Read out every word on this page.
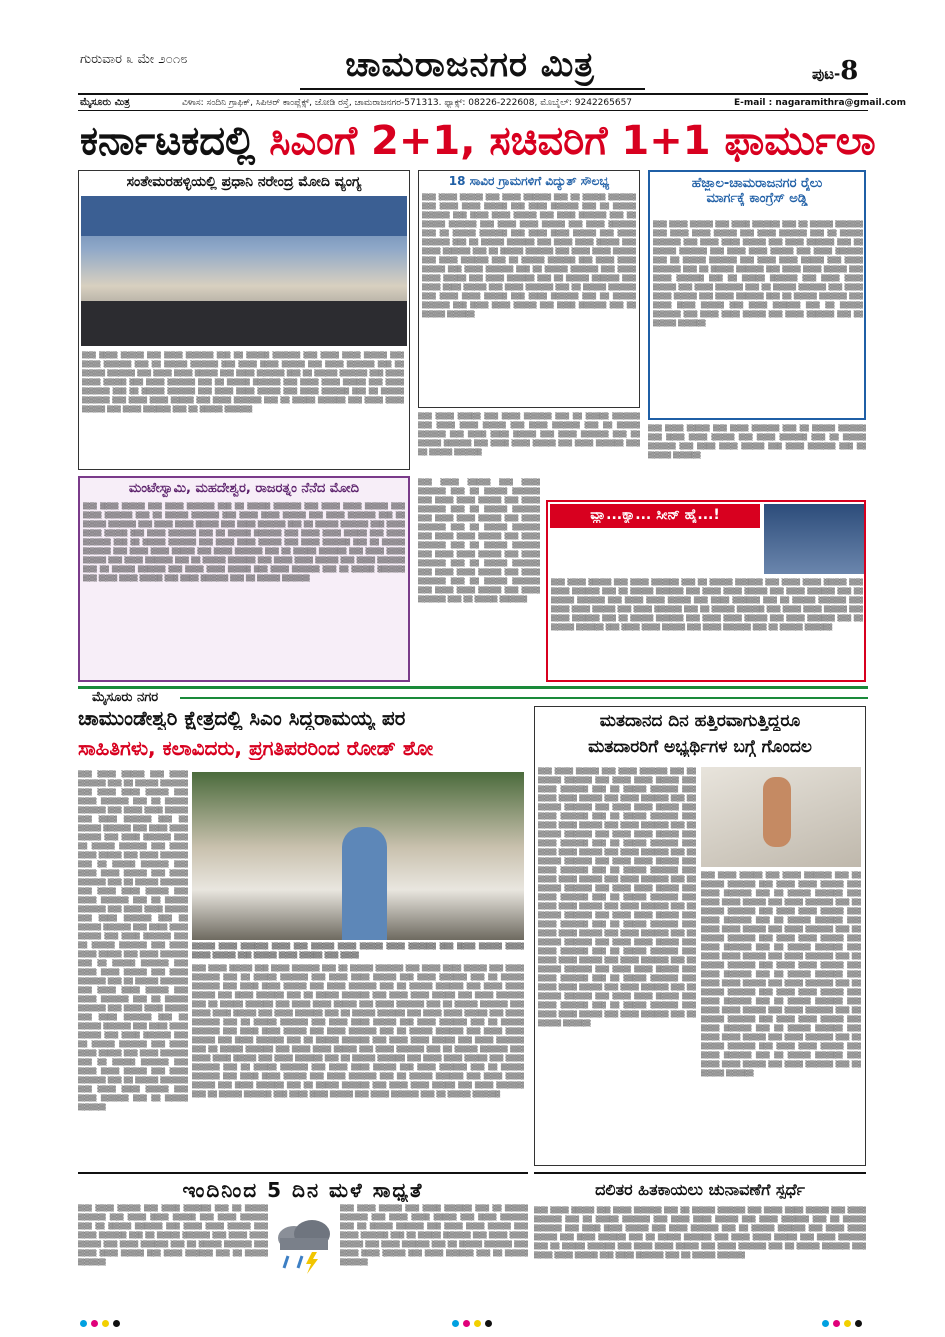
ಗುರುವಾರ ೩ ಮೇ ೨೦೧೮	ಚಾಮರಾಜನಗರ ಮಿತ್ರ	ಪುಟ-8
ಮೈಸೂರು ಮಿತ್ರ	ವಿಳಾಸ: ಸಂದಿನಿ ಗ್ರಾಫಿಕ್, ಸಿಪಿಆರ್ ಕಾಂಪ್ಲೆಕ್ಸ್, ಜೋಡಿ ರಸ್ತೆ, ಚಾಮರಾಜನಗರ-571313. ಫ್ಯಾಕ್ಸ್: 08226-222608, ಮೊಬೈಲ್: 9242265657	E-mail : nagaramithra@gmail.com
ಕರ್ನಾಟಕದಲ್ಲಿ ಸಿಎಂಗೆ 2+1, ಸಚಿವರಿಗೆ 1+1 ಫಾರ್ಮುಲಾ
ಸಂತೇಮರಹಳ್ಳಿಯಲ್ಲಿ ಪ್ರಧಾನಿ ನರೇಂದ್ರ ಮೋದಿ ವ್ಯಂಗ್ಯ
▒▒▒ ▒▒▒▒ ▒▒▒▒▒ ▒▒▒ ▒▒▒▒ ▒▒▒▒▒▒ ▒▒▒ ▒▒ ▒▒▒▒▒ ▒▒▒▒▒▒ ▒▒▒ ▒▒▒▒ ▒▒▒▒ ▒▒▒▒▒ ▒▒▒ ▒▒▒▒ ▒▒▒▒▒▒ ▒▒▒ ▒▒ ▒▒▒▒▒ ▒▒▒▒▒▒ ▒▒▒ ▒▒▒▒ ▒▒▒▒ ▒▒▒▒▒ ▒▒▒ ▒▒▒▒ ▒▒▒▒▒▒ ▒▒▒ ▒▒ ▒▒▒▒▒ ▒▒▒▒▒▒ ▒▒▒ ▒▒▒▒ ▒▒▒▒ ▒▒▒▒▒ ▒▒▒ ▒▒▒▒ ▒▒▒▒▒▒ ▒▒▒ ▒▒ ▒▒▒▒▒ ▒▒▒▒▒▒ ▒▒▒ ▒▒▒▒ ▒▒▒▒ ▒▒▒▒▒ ▒▒▒ ▒▒▒▒ ▒▒▒▒▒▒ ▒▒▒ ▒▒ ▒▒▒▒▒ ▒▒▒▒▒▒ ▒▒▒ ▒▒▒▒ ▒▒▒▒ ▒▒▒▒▒ ▒▒▒ ▒▒▒▒ ▒▒▒▒▒▒ ▒▒▒ ▒▒ ▒▒▒▒▒ ▒▒▒▒▒▒ ▒▒▒ ▒▒▒▒ ▒▒▒▒ ▒▒▒▒▒ ▒▒▒ ▒▒▒▒ ▒▒▒▒▒▒ ▒▒▒ ▒▒ ▒▒▒▒▒ ▒▒▒▒▒▒ ▒▒▒ ▒▒▒▒ ▒▒▒▒ ▒▒▒▒▒ ▒▒▒ ▒▒▒▒ ▒▒▒▒▒▒ ▒▒▒ ▒▒ ▒▒▒▒▒ ▒▒▒▒▒▒ ▒▒▒ ▒▒▒▒ ▒▒▒▒ ▒▒▒▒▒ ▒▒▒ ▒▒▒▒ ▒▒▒▒▒▒ ▒▒▒ ▒▒ ▒▒▒▒▒ ▒▒▒▒▒▒
18 ಸಾವಿರ ಗ್ರಾಮಗಳಿಗೆ ವಿದ್ಯುತ್ ಸೌಲಭ್ಯ
▒▒▒ ▒▒▒▒ ▒▒▒▒▒ ▒▒▒ ▒▒▒▒ ▒▒▒▒▒▒ ▒▒▒ ▒▒ ▒▒▒▒▒ ▒▒▒▒▒▒ ▒▒▒ ▒▒▒▒ ▒▒▒▒ ▒▒▒▒▒ ▒▒▒ ▒▒▒▒ ▒▒▒▒▒▒ ▒▒▒ ▒▒ ▒▒▒▒▒ ▒▒▒▒▒▒ ▒▒▒ ▒▒▒▒ ▒▒▒▒ ▒▒▒▒▒ ▒▒▒ ▒▒▒▒ ▒▒▒▒▒▒ ▒▒▒ ▒▒ ▒▒▒▒▒ ▒▒▒▒▒▒ ▒▒▒ ▒▒▒▒ ▒▒▒▒ ▒▒▒▒▒ ▒▒▒ ▒▒▒▒ ▒▒▒▒▒▒ ▒▒▒ ▒▒ ▒▒▒▒▒ ▒▒▒▒▒▒ ▒▒▒ ▒▒▒▒ ▒▒▒▒ ▒▒▒▒▒ ▒▒▒ ▒▒▒▒ ▒▒▒▒▒▒ ▒▒▒ ▒▒ ▒▒▒▒▒ ▒▒▒▒▒▒ ▒▒▒ ▒▒▒▒ ▒▒▒▒ ▒▒▒▒▒ ▒▒▒ ▒▒▒▒ ▒▒▒▒▒▒ ▒▒▒ ▒▒ ▒▒▒▒▒ ▒▒▒▒▒▒ ▒▒▒ ▒▒▒▒ ▒▒▒▒ ▒▒▒▒▒ ▒▒▒ ▒▒▒▒ ▒▒▒▒▒▒ ▒▒▒ ▒▒ ▒▒▒▒▒ ▒▒▒▒▒▒ ▒▒▒ ▒▒▒▒ ▒▒▒▒ ▒▒▒▒▒ ▒▒▒ ▒▒▒▒ ▒▒▒▒▒▒ ▒▒▒ ▒▒ ▒▒▒▒▒ ▒▒▒▒▒▒ ▒▒▒ ▒▒▒▒ ▒▒▒▒ ▒▒▒▒▒ ▒▒▒ ▒▒▒▒ ▒▒▒▒▒▒ ▒▒▒ ▒▒ ▒▒▒▒▒ ▒▒▒▒▒▒ ▒▒▒ ▒▒▒▒ ▒▒▒▒ ▒▒▒▒▒ ▒▒▒ ▒▒▒▒ ▒▒▒▒▒▒ ▒▒▒ ▒▒ ▒▒▒▒▒ ▒▒▒▒▒▒ ▒▒▒ ▒▒▒▒ ▒▒▒▒ ▒▒▒▒▒ ▒▒▒ ▒▒▒▒ ▒▒▒▒▒▒ ▒▒▒ ▒▒ ▒▒▒▒▒ ▒▒▒▒▒▒ ▒▒▒ ▒▒▒▒ ▒▒▒▒ ▒▒▒▒▒ ▒▒▒ ▒▒▒▒ ▒▒▒▒▒▒ ▒▒▒ ▒▒ ▒▒▒▒▒ ▒▒▒▒▒▒
ಹೆಜ್ಜಾಲ-ಚಾಮರಾಜನಗರ ರೈಲು
ಮಾರ್ಗಕ್ಕೆ ಕಾಂಗ್ರೆಸ್ ಅಡ್ಡಿ
▒▒▒ ▒▒▒▒ ▒▒▒▒▒ ▒▒▒ ▒▒▒▒ ▒▒▒▒▒▒ ▒▒▒ ▒▒ ▒▒▒▒▒ ▒▒▒▒▒▒ ▒▒▒ ▒▒▒▒ ▒▒▒▒ ▒▒▒▒▒ ▒▒▒ ▒▒▒▒ ▒▒▒▒▒▒ ▒▒▒ ▒▒ ▒▒▒▒▒ ▒▒▒▒▒▒ ▒▒▒ ▒▒▒▒ ▒▒▒▒ ▒▒▒▒▒ ▒▒▒ ▒▒▒▒ ▒▒▒▒▒▒ ▒▒▒ ▒▒ ▒▒▒▒▒ ▒▒▒▒▒▒ ▒▒▒ ▒▒▒▒ ▒▒▒▒ ▒▒▒▒▒ ▒▒▒ ▒▒▒▒ ▒▒▒▒▒▒ ▒▒▒ ▒▒ ▒▒▒▒▒ ▒▒▒▒▒▒ ▒▒▒ ▒▒▒▒ ▒▒▒▒ ▒▒▒▒▒ ▒▒▒ ▒▒▒▒ ▒▒▒▒▒▒ ▒▒▒ ▒▒ ▒▒▒▒▒ ▒▒▒▒▒▒ ▒▒▒ ▒▒▒▒ ▒▒▒▒ ▒▒▒▒▒ ▒▒▒ ▒▒▒▒ ▒▒▒▒▒▒ ▒▒▒ ▒▒ ▒▒▒▒▒ ▒▒▒▒▒▒ ▒▒▒ ▒▒▒▒ ▒▒▒▒ ▒▒▒▒▒ ▒▒▒ ▒▒▒▒ ▒▒▒▒▒▒ ▒▒▒ ▒▒ ▒▒▒▒▒ ▒▒▒▒▒▒ ▒▒▒ ▒▒▒▒ ▒▒▒▒ ▒▒▒▒▒ ▒▒▒ ▒▒▒▒ ▒▒▒▒▒▒ ▒▒▒ ▒▒ ▒▒▒▒▒ ▒▒▒▒▒▒ ▒▒▒ ▒▒▒▒ ▒▒▒▒ ▒▒▒▒▒ ▒▒▒ ▒▒▒▒ ▒▒▒▒▒▒ ▒▒▒ ▒▒ ▒▒▒▒▒ ▒▒▒▒▒▒ ▒▒▒ ▒▒▒▒ ▒▒▒▒ ▒▒▒▒▒ ▒▒▒ ▒▒▒▒ ▒▒▒▒▒▒ ▒▒▒ ▒▒ ▒▒▒▒▒ ▒▒▒▒▒▒
▒▒▒ ▒▒▒▒ ▒▒▒▒▒ ▒▒▒ ▒▒▒▒ ▒▒▒▒▒▒ ▒▒▒ ▒▒ ▒▒▒▒▒ ▒▒▒▒▒▒ ▒▒▒ ▒▒▒▒ ▒▒▒▒ ▒▒▒▒▒ ▒▒▒ ▒▒▒▒ ▒▒▒▒▒▒ ▒▒▒ ▒▒ ▒▒▒▒▒ ▒▒▒▒▒▒ ▒▒▒ ▒▒▒▒ ▒▒▒▒ ▒▒▒▒▒ ▒▒▒ ▒▒▒▒ ▒▒▒▒▒▒ ▒▒▒ ▒▒ ▒▒▒▒▒ ▒▒▒▒▒▒ ▒▒▒ ▒▒▒▒ ▒▒▒▒ ▒▒▒▒▒ ▒▒▒ ▒▒▒▒ ▒▒▒▒▒▒ ▒▒▒ ▒▒ ▒▒▒▒▒ ▒▒▒▒▒▒
▒▒▒ ▒▒▒▒ ▒▒▒▒▒ ▒▒▒ ▒▒▒▒ ▒▒▒▒▒▒ ▒▒▒ ▒▒ ▒▒▒▒▒ ▒▒▒▒▒▒ ▒▒▒ ▒▒▒▒ ▒▒▒▒ ▒▒▒▒▒ ▒▒▒ ▒▒▒▒ ▒▒▒▒▒▒ ▒▒▒ ▒▒ ▒▒▒▒▒ ▒▒▒▒▒▒ ▒▒▒ ▒▒▒▒ ▒▒▒▒ ▒▒▒▒▒ ▒▒▒ ▒▒▒▒ ▒▒▒▒▒▒ ▒▒▒ ▒▒ ▒▒▒▒▒ ▒▒▒▒▒▒
ಮಂಟೇಸ್ವಾಮಿ, ಮಹದೇಶ್ವರ, ರಾಜರತ್ನಂ ನೆನೆದ ಮೋದಿ
▒▒▒ ▒▒▒▒ ▒▒▒▒▒ ▒▒▒ ▒▒▒▒ ▒▒▒▒▒▒ ▒▒▒ ▒▒ ▒▒▒▒▒ ▒▒▒▒▒▒ ▒▒▒ ▒▒▒▒ ▒▒▒▒ ▒▒▒▒▒ ▒▒▒ ▒▒▒▒ ▒▒▒▒▒▒ ▒▒▒ ▒▒ ▒▒▒▒▒ ▒▒▒▒▒▒ ▒▒▒ ▒▒▒▒ ▒▒▒▒ ▒▒▒▒▒ ▒▒▒ ▒▒▒▒ ▒▒▒▒▒▒ ▒▒▒ ▒▒ ▒▒▒▒▒ ▒▒▒▒▒▒ ▒▒▒ ▒▒▒▒ ▒▒▒▒ ▒▒▒▒▒ ▒▒▒ ▒▒▒▒ ▒▒▒▒▒▒ ▒▒▒ ▒▒ ▒▒▒▒▒ ▒▒▒▒▒▒ ▒▒▒ ▒▒▒▒ ▒▒▒▒ ▒▒▒▒▒ ▒▒▒ ▒▒▒▒ ▒▒▒▒▒▒ ▒▒▒ ▒▒ ▒▒▒▒▒ ▒▒▒▒▒▒ ▒▒▒ ▒▒▒▒ ▒▒▒▒ ▒▒▒▒▒ ▒▒▒ ▒▒▒▒ ▒▒▒▒▒▒ ▒▒▒ ▒▒ ▒▒▒▒▒ ▒▒▒▒▒▒ ▒▒▒ ▒▒▒▒ ▒▒▒▒ ▒▒▒▒▒ ▒▒▒ ▒▒▒▒ ▒▒▒▒▒▒ ▒▒▒ ▒▒ ▒▒▒▒▒ ▒▒▒▒▒▒ ▒▒▒ ▒▒▒▒ ▒▒▒▒ ▒▒▒▒▒ ▒▒▒ ▒▒▒▒ ▒▒▒▒▒▒ ▒▒▒ ▒▒ ▒▒▒▒▒ ▒▒▒▒▒▒ ▒▒▒ ▒▒▒▒ ▒▒▒▒ ▒▒▒▒▒ ▒▒▒ ▒▒▒▒ ▒▒▒▒▒▒ ▒▒▒ ▒▒ ▒▒▒▒▒ ▒▒▒▒▒▒ ▒▒▒ ▒▒▒▒ ▒▒▒▒ ▒▒▒▒▒ ▒▒▒ ▒▒▒▒ ▒▒▒▒▒▒ ▒▒▒ ▒▒ ▒▒▒▒▒ ▒▒▒▒▒▒ ▒▒▒ ▒▒▒▒ ▒▒▒▒ ▒▒▒▒▒ ▒▒▒ ▒▒▒▒ ▒▒▒▒▒▒ ▒▒▒ ▒▒ ▒▒▒▒▒ ▒▒▒▒▒▒ ▒▒▒ ▒▒▒▒ ▒▒▒▒ ▒▒▒▒▒ ▒▒▒ ▒▒▒▒ ▒▒▒▒▒▒ ▒▒▒ ▒▒ ▒▒▒▒▒ ▒▒▒▒▒▒
▒▒▒ ▒▒▒▒ ▒▒▒▒▒ ▒▒▒ ▒▒▒▒ ▒▒▒▒▒▒ ▒▒▒ ▒▒ ▒▒▒▒▒ ▒▒▒▒▒▒ ▒▒▒ ▒▒▒▒ ▒▒▒▒ ▒▒▒▒▒ ▒▒▒ ▒▒▒▒ ▒▒▒▒▒▒ ▒▒▒ ▒▒ ▒▒▒▒▒ ▒▒▒▒▒▒ ▒▒▒ ▒▒▒▒ ▒▒▒▒ ▒▒▒▒▒ ▒▒▒ ▒▒▒▒ ▒▒▒▒▒▒ ▒▒▒ ▒▒ ▒▒▒▒▒ ▒▒▒▒▒▒ ▒▒▒ ▒▒▒▒ ▒▒▒▒ ▒▒▒▒▒ ▒▒▒ ▒▒▒▒ ▒▒▒▒▒▒ ▒▒▒ ▒▒ ▒▒▒▒▒ ▒▒▒▒▒▒ ▒▒▒ ▒▒▒▒ ▒▒▒▒ ▒▒▒▒▒ ▒▒▒ ▒▒▒▒ ▒▒▒▒▒▒ ▒▒▒ ▒▒ ▒▒▒▒▒ ▒▒▒▒▒▒ ▒▒▒ ▒▒▒▒ ▒▒▒▒ ▒▒▒▒▒ ▒▒▒ ▒▒▒▒ ▒▒▒▒▒▒ ▒▒▒ ▒▒ ▒▒▒▒▒ ▒▒▒▒▒▒ ▒▒▒ ▒▒▒▒ ▒▒▒▒ ▒▒▒▒▒ ▒▒▒ ▒▒▒▒ ▒▒▒▒▒▒ ▒▒▒ ▒▒ ▒▒▒▒▒ ▒▒▒▒▒▒
ವ್ಹಾ...ಕ್ಯಾ... ಸೀನ್ ಹೈ...!
▒▒▒ ▒▒▒▒ ▒▒▒▒▒ ▒▒▒ ▒▒▒▒ ▒▒▒▒▒▒ ▒▒▒ ▒▒ ▒▒▒▒▒ ▒▒▒▒▒▒ ▒▒▒ ▒▒▒▒ ▒▒▒▒ ▒▒▒▒▒ ▒▒▒ ▒▒▒▒ ▒▒▒▒▒▒ ▒▒▒ ▒▒ ▒▒▒▒▒ ▒▒▒▒▒▒ ▒▒▒ ▒▒▒▒ ▒▒▒▒ ▒▒▒▒▒ ▒▒▒ ▒▒▒▒ ▒▒▒▒▒▒ ▒▒▒ ▒▒ ▒▒▒▒▒ ▒▒▒▒▒▒ ▒▒▒ ▒▒▒▒ ▒▒▒▒ ▒▒▒▒▒ ▒▒▒ ▒▒▒▒ ▒▒▒▒▒▒ ▒▒▒ ▒▒ ▒▒▒▒▒ ▒▒▒▒▒▒ ▒▒▒ ▒▒▒▒ ▒▒▒▒ ▒▒▒▒▒ ▒▒▒ ▒▒▒▒ ▒▒▒▒▒▒ ▒▒▒ ▒▒ ▒▒▒▒▒ ▒▒▒▒▒▒ ▒▒▒ ▒▒▒▒ ▒▒▒▒ ▒▒▒▒▒ ▒▒▒ ▒▒▒▒ ▒▒▒▒▒▒ ▒▒▒ ▒▒ ▒▒▒▒▒ ▒▒▒▒▒▒ ▒▒▒ ▒▒▒▒ ▒▒▒▒ ▒▒▒▒▒ ▒▒▒ ▒▒▒▒ ▒▒▒▒▒▒ ▒▒▒ ▒▒ ▒▒▒▒▒ ▒▒▒▒▒▒ ▒▒▒ ▒▒▒▒ ▒▒▒▒ ▒▒▒▒▒ ▒▒▒ ▒▒▒▒ ▒▒▒▒▒▒ ▒▒▒ ▒▒ ▒▒▒▒▒ ▒▒▒▒▒▒
ಮೈಸೂರು ನಗರ
ಚಾಮುಂಡೇಶ್ವರಿ ಕ್ಷೇತ್ರದಲ್ಲಿ ಸಿಎಂ ಸಿದ್ದರಾಮಯ್ಯ ಪರ
ಸಾಹಿತಿಗಳು, ಕಲಾವಿದರು, ಪ್ರಗತಿಪರರಿಂದ ರೋಡ್ ಶೋ
▒▒▒ ▒▒▒▒ ▒▒▒▒▒ ▒▒▒ ▒▒▒▒ ▒▒▒▒▒▒ ▒▒▒ ▒▒ ▒▒▒▒▒ ▒▒▒▒▒▒ ▒▒▒ ▒▒▒▒ ▒▒▒▒ ▒▒▒▒▒ ▒▒▒ ▒▒▒▒ ▒▒▒▒▒▒ ▒▒▒ ▒▒ ▒▒▒▒▒ ▒▒▒▒▒▒ ▒▒▒ ▒▒▒▒ ▒▒▒▒ ▒▒▒▒▒ ▒▒▒ ▒▒▒▒ ▒▒▒▒▒▒ ▒▒▒ ▒▒ ▒▒▒▒▒ ▒▒▒▒▒▒ ▒▒▒ ▒▒▒▒ ▒▒▒▒ ▒▒▒▒▒ ▒▒▒ ▒▒▒▒ ▒▒▒▒▒▒ ▒▒▒ ▒▒ ▒▒▒▒▒ ▒▒▒▒▒▒ ▒▒▒ ▒▒▒▒ ▒▒▒▒ ▒▒▒▒▒ ▒▒▒ ▒▒▒▒ ▒▒▒▒▒▒ ▒▒▒ ▒▒ ▒▒▒▒▒ ▒▒▒▒▒▒ ▒▒▒ ▒▒▒▒ ▒▒▒▒ ▒▒▒▒▒ ▒▒▒ ▒▒▒▒ ▒▒▒▒▒▒ ▒▒▒ ▒▒ ▒▒▒▒▒ ▒▒▒▒▒▒ ▒▒▒ ▒▒▒▒ ▒▒▒▒ ▒▒▒▒▒ ▒▒▒ ▒▒▒▒ ▒▒▒▒▒▒ ▒▒▒ ▒▒ ▒▒▒▒▒ ▒▒▒▒▒▒ ▒▒▒ ▒▒▒▒ ▒▒▒▒ ▒▒▒▒▒ ▒▒▒ ▒▒▒▒ ▒▒▒▒▒▒ ▒▒▒ ▒▒ ▒▒▒▒▒ ▒▒▒▒▒▒ ▒▒▒ ▒▒▒▒ ▒▒▒▒ ▒▒▒▒▒ ▒▒▒ ▒▒▒▒ ▒▒▒▒▒▒ ▒▒▒ ▒▒ ▒▒▒▒▒ ▒▒▒▒▒▒ ▒▒▒ ▒▒▒▒ ▒▒▒▒ ▒▒▒▒▒ ▒▒▒ ▒▒▒▒ ▒▒▒▒▒▒ ▒▒▒ ▒▒ ▒▒▒▒▒ ▒▒▒▒▒▒ ▒▒▒ ▒▒▒▒ ▒▒▒▒ ▒▒▒▒▒ ▒▒▒ ▒▒▒▒ ▒▒▒▒▒▒ ▒▒▒ ▒▒ ▒▒▒▒▒ ▒▒▒▒▒▒ ▒▒▒ ▒▒▒▒ ▒▒▒▒ ▒▒▒▒▒ ▒▒▒ ▒▒▒▒ ▒▒▒▒▒▒ ▒▒▒ ▒▒ ▒▒▒▒▒ ▒▒▒▒▒▒ ▒▒▒ ▒▒▒▒ ▒▒▒▒ ▒▒▒▒▒ ▒▒▒ ▒▒▒▒ ▒▒▒▒▒▒ ▒▒▒ ▒▒ ▒▒▒▒▒ ▒▒▒▒▒▒ ▒▒▒ ▒▒▒▒ ▒▒▒▒ ▒▒▒▒▒ ▒▒▒ ▒▒▒▒ ▒▒▒▒▒▒ ▒▒▒ ▒▒ ▒▒▒▒▒ ▒▒▒▒▒▒ ▒▒▒ ▒▒▒▒ ▒▒▒▒ ▒▒▒▒▒ ▒▒▒ ▒▒▒▒ ▒▒▒▒▒▒ ▒▒▒ ▒▒ ▒▒▒▒▒ ▒▒▒▒▒▒ ▒▒▒ ▒▒▒▒ ▒▒▒▒ ▒▒▒▒▒ ▒▒▒ ▒▒▒▒ ▒▒▒▒▒▒ ▒▒▒ ▒▒ ▒▒▒▒▒ ▒▒▒▒▒▒ ▒▒▒ ▒▒▒▒ ▒▒▒▒ ▒▒▒▒▒ ▒▒▒ ▒▒▒▒ ▒▒▒▒▒▒ ▒▒▒ ▒▒ ▒▒▒▒▒ ▒▒▒▒▒▒
▒▒▒▒▒ ▒▒▒▒ ▒▒▒▒▒▒ ▒▒▒▒ ▒▒▒ ▒▒▒▒▒ ▒▒▒▒ ▒▒▒▒▒ ▒▒▒▒ ▒▒▒▒▒▒ ▒▒▒ ▒▒▒▒ ▒▒▒▒▒ ▒▒▒▒ ▒▒▒▒ ▒▒▒▒▒ ▒▒▒ ▒▒▒▒▒ ▒▒▒▒ ▒▒▒▒▒ ▒▒▒ ▒▒▒▒
▒▒▒ ▒▒▒▒ ▒▒▒▒▒ ▒▒▒ ▒▒▒▒ ▒▒▒▒▒▒ ▒▒▒ ▒▒ ▒▒▒▒▒ ▒▒▒▒▒▒ ▒▒▒ ▒▒▒▒ ▒▒▒▒ ▒▒▒▒▒ ▒▒▒ ▒▒▒▒ ▒▒▒▒▒▒ ▒▒▒ ▒▒ ▒▒▒▒▒ ▒▒▒▒▒▒ ▒▒▒ ▒▒▒▒ ▒▒▒▒ ▒▒▒▒▒ ▒▒▒ ▒▒▒▒ ▒▒▒▒▒▒ ▒▒▒ ▒▒ ▒▒▒▒▒ ▒▒▒▒▒▒ ▒▒▒ ▒▒▒▒ ▒▒▒▒ ▒▒▒▒▒ ▒▒▒ ▒▒▒▒ ▒▒▒▒▒▒ ▒▒▒ ▒▒ ▒▒▒▒▒ ▒▒▒▒▒▒ ▒▒▒ ▒▒▒▒ ▒▒▒▒ ▒▒▒▒▒ ▒▒▒ ▒▒▒▒ ▒▒▒▒▒▒ ▒▒▒ ▒▒ ▒▒▒▒▒ ▒▒▒▒▒▒ ▒▒▒ ▒▒▒▒ ▒▒▒▒ ▒▒▒▒▒ ▒▒▒ ▒▒▒▒ ▒▒▒▒▒▒ ▒▒▒ ▒▒ ▒▒▒▒▒ ▒▒▒▒▒▒ ▒▒▒ ▒▒▒▒ ▒▒▒▒ ▒▒▒▒▒ ▒▒▒ ▒▒▒▒ ▒▒▒▒▒▒ ▒▒▒ ▒▒ ▒▒▒▒▒ ▒▒▒▒▒▒ ▒▒▒ ▒▒▒▒ ▒▒▒▒ ▒▒▒▒▒ ▒▒▒ ▒▒▒▒ ▒▒▒▒▒▒ ▒▒▒ ▒▒ ▒▒▒▒▒ ▒▒▒▒▒▒ ▒▒▒ ▒▒▒▒ ▒▒▒▒ ▒▒▒▒▒ ▒▒▒ ▒▒▒▒ ▒▒▒▒▒▒ ▒▒▒ ▒▒ ▒▒▒▒▒ ▒▒▒▒▒▒ ▒▒▒ ▒▒▒▒ ▒▒▒▒ ▒▒▒▒▒ ▒▒▒ ▒▒▒▒ ▒▒▒▒▒▒ ▒▒▒ ▒▒ ▒▒▒▒▒ ▒▒▒▒▒▒ ▒▒▒ ▒▒▒▒ ▒▒▒▒ ▒▒▒▒▒ ▒▒▒ ▒▒▒▒ ▒▒▒▒▒▒ ▒▒▒ ▒▒ ▒▒▒▒▒ ▒▒▒▒▒▒ ▒▒▒ ▒▒▒▒ ▒▒▒▒ ▒▒▒▒▒ ▒▒▒ ▒▒▒▒ ▒▒▒▒▒▒ ▒▒▒ ▒▒ ▒▒▒▒▒ ▒▒▒▒▒▒ ▒▒▒ ▒▒▒▒ ▒▒▒▒ ▒▒▒▒▒ ▒▒▒ ▒▒▒▒ ▒▒▒▒▒▒ ▒▒▒ ▒▒ ▒▒▒▒▒ ▒▒▒▒▒▒ ▒▒▒ ▒▒▒▒ ▒▒▒▒ ▒▒▒▒▒ ▒▒▒ ▒▒▒▒ ▒▒▒▒▒▒ ▒▒▒ ▒▒ ▒▒▒▒▒ ▒▒▒▒▒▒ ▒▒▒ ▒▒▒▒ ▒▒▒▒ ▒▒▒▒▒ ▒▒▒ ▒▒▒▒ ▒▒▒▒▒▒ ▒▒▒ ▒▒ ▒▒▒▒▒ ▒▒▒▒▒▒ ▒▒▒ ▒▒▒▒ ▒▒▒▒ ▒▒▒▒▒ ▒▒▒ ▒▒▒▒ ▒▒▒▒▒▒ ▒▒▒ ▒▒ ▒▒▒▒▒ ▒▒▒▒▒▒ ▒▒▒ ▒▒▒▒ ▒▒▒▒ ▒▒▒▒▒ ▒▒▒ ▒▒▒▒ ▒▒▒▒▒▒ ▒▒▒ ▒▒ ▒▒▒▒▒ ▒▒▒▒▒▒ ▒▒▒ ▒▒▒▒ ▒▒▒▒ ▒▒▒▒▒ ▒▒▒ ▒▒▒▒ ▒▒▒▒▒▒ ▒▒▒ ▒▒ ▒▒▒▒▒ ▒▒▒▒▒▒ ▒▒▒ ▒▒▒▒ ▒▒▒▒ ▒▒▒▒▒ ▒▒▒ ▒▒▒▒ ▒▒▒▒▒▒ ▒▒▒ ▒▒ ▒▒▒▒▒ ▒▒▒▒▒▒ ▒▒▒ ▒▒▒▒ ▒▒▒▒ ▒▒▒▒▒ ▒▒▒ ▒▒▒▒ ▒▒▒▒▒▒ ▒▒▒ ▒▒ ▒▒▒▒▒ ▒▒▒▒▒▒ ▒▒▒ ▒▒▒▒ ▒▒▒▒ ▒▒▒▒▒ ▒▒▒ ▒▒▒▒ ▒▒▒▒▒▒ ▒▒▒ ▒▒ ▒▒▒▒▒ ▒▒▒▒▒▒
ಮತದಾನದ ದಿನ ಹತ್ತಿರವಾಗುತ್ತಿದ್ದರೂ
ಮತದಾರರಿಗೆ ಅಭ್ಯರ್ಥಿಗಳ ಬಗ್ಗೆ ಗೊಂದಲ
▒▒▒ ▒▒▒▒ ▒▒▒▒▒ ▒▒▒ ▒▒▒▒ ▒▒▒▒▒▒ ▒▒▒ ▒▒ ▒▒▒▒▒ ▒▒▒▒▒▒ ▒▒▒ ▒▒▒▒ ▒▒▒▒ ▒▒▒▒▒ ▒▒▒ ▒▒▒▒ ▒▒▒▒▒▒ ▒▒▒ ▒▒ ▒▒▒▒▒ ▒▒▒▒▒▒ ▒▒▒ ▒▒▒▒ ▒▒▒▒ ▒▒▒▒▒ ▒▒▒ ▒▒▒▒ ▒▒▒▒▒▒ ▒▒▒ ▒▒ ▒▒▒▒▒ ▒▒▒▒▒▒ ▒▒▒ ▒▒▒▒ ▒▒▒▒ ▒▒▒▒▒ ▒▒▒ ▒▒▒▒ ▒▒▒▒▒▒ ▒▒▒ ▒▒ ▒▒▒▒▒ ▒▒▒▒▒▒ ▒▒▒ ▒▒▒▒ ▒▒▒▒ ▒▒▒▒▒ ▒▒▒ ▒▒▒▒ ▒▒▒▒▒▒ ▒▒▒ ▒▒ ▒▒▒▒▒ ▒▒▒▒▒▒ ▒▒▒ ▒▒▒▒ ▒▒▒▒ ▒▒▒▒▒ ▒▒▒ ▒▒▒▒ ▒▒▒▒▒▒ ▒▒▒ ▒▒ ▒▒▒▒▒ ▒▒▒▒▒▒ ▒▒▒ ▒▒▒▒ ▒▒▒▒ ▒▒▒▒▒ ▒▒▒ ▒▒▒▒ ▒▒▒▒▒▒ ▒▒▒ ▒▒ ▒▒▒▒▒ ▒▒▒▒▒▒ ▒▒▒ ▒▒▒▒ ▒▒▒▒ ▒▒▒▒▒ ▒▒▒ ▒▒▒▒ ▒▒▒▒▒▒ ▒▒▒ ▒▒ ▒▒▒▒▒ ▒▒▒▒▒▒ ▒▒▒ ▒▒▒▒ ▒▒▒▒ ▒▒▒▒▒ ▒▒▒ ▒▒▒▒ ▒▒▒▒▒▒ ▒▒▒ ▒▒ ▒▒▒▒▒ ▒▒▒▒▒▒ ▒▒▒ ▒▒▒▒ ▒▒▒▒ ▒▒▒▒▒ ▒▒▒ ▒▒▒▒ ▒▒▒▒▒▒ ▒▒▒ ▒▒ ▒▒▒▒▒ ▒▒▒▒▒▒ ▒▒▒ ▒▒▒▒ ▒▒▒▒ ▒▒▒▒▒ ▒▒▒ ▒▒▒▒ ▒▒▒▒▒▒ ▒▒▒ ▒▒ ▒▒▒▒▒ ▒▒▒▒▒▒ ▒▒▒ ▒▒▒▒ ▒▒▒▒ ▒▒▒▒▒ ▒▒▒ ▒▒▒▒ ▒▒▒▒▒▒ ▒▒▒ ▒▒ ▒▒▒▒▒ ▒▒▒▒▒▒ ▒▒▒ ▒▒▒▒ ▒▒▒▒ ▒▒▒▒▒ ▒▒▒ ▒▒▒▒ ▒▒▒▒▒▒ ▒▒▒ ▒▒ ▒▒▒▒▒ ▒▒▒▒▒▒ ▒▒▒ ▒▒▒▒ ▒▒▒▒ ▒▒▒▒▒ ▒▒▒ ▒▒▒▒ ▒▒▒▒▒▒ ▒▒▒ ▒▒ ▒▒▒▒▒ ▒▒▒▒▒▒ ▒▒▒ ▒▒▒▒ ▒▒▒▒ ▒▒▒▒▒ ▒▒▒ ▒▒▒▒ ▒▒▒▒▒▒ ▒▒▒ ▒▒ ▒▒▒▒▒ ▒▒▒▒▒▒ ▒▒▒ ▒▒▒▒ ▒▒▒▒ ▒▒▒▒▒ ▒▒▒ ▒▒▒▒ ▒▒▒▒▒▒ ▒▒▒ ▒▒ ▒▒▒▒▒ ▒▒▒▒▒▒ ▒▒▒ ▒▒▒▒ ▒▒▒▒ ▒▒▒▒▒ ▒▒▒ ▒▒▒▒ ▒▒▒▒▒▒ ▒▒▒ ▒▒ ▒▒▒▒▒ ▒▒▒▒▒▒ ▒▒▒ ▒▒▒▒ ▒▒▒▒ ▒▒▒▒▒ ▒▒▒ ▒▒▒▒ ▒▒▒▒▒▒ ▒▒▒ ▒▒ ▒▒▒▒▒ ▒▒▒▒▒▒ ▒▒▒ ▒▒▒▒ ▒▒▒▒ ▒▒▒▒▒ ▒▒▒ ▒▒▒▒ ▒▒▒▒▒▒ ▒▒▒ ▒▒ ▒▒▒▒▒ ▒▒▒▒▒▒
▒▒▒ ▒▒▒▒ ▒▒▒▒▒ ▒▒▒ ▒▒▒▒ ▒▒▒▒▒▒ ▒▒▒ ▒▒ ▒▒▒▒▒ ▒▒▒▒▒▒ ▒▒▒ ▒▒▒▒ ▒▒▒▒ ▒▒▒▒▒ ▒▒▒ ▒▒▒▒ ▒▒▒▒▒▒ ▒▒▒ ▒▒ ▒▒▒▒▒ ▒▒▒▒▒▒ ▒▒▒ ▒▒▒▒ ▒▒▒▒ ▒▒▒▒▒ ▒▒▒ ▒▒▒▒ ▒▒▒▒▒▒ ▒▒▒ ▒▒ ▒▒▒▒▒ ▒▒▒▒▒▒ ▒▒▒ ▒▒▒▒ ▒▒▒▒ ▒▒▒▒▒ ▒▒▒ ▒▒▒▒ ▒▒▒▒▒▒ ▒▒▒ ▒▒ ▒▒▒▒▒ ▒▒▒▒▒▒ ▒▒▒ ▒▒▒▒ ▒▒▒▒ ▒▒▒▒▒ ▒▒▒ ▒▒▒▒ ▒▒▒▒▒▒ ▒▒▒ ▒▒ ▒▒▒▒▒ ▒▒▒▒▒▒ ▒▒▒ ▒▒▒▒ ▒▒▒▒ ▒▒▒▒▒ ▒▒▒ ▒▒▒▒ ▒▒▒▒▒▒ ▒▒▒ ▒▒ ▒▒▒▒▒ ▒▒▒▒▒▒ ▒▒▒ ▒▒▒▒ ▒▒▒▒ ▒▒▒▒▒ ▒▒▒ ▒▒▒▒ ▒▒▒▒▒▒ ▒▒▒ ▒▒ ▒▒▒▒▒ ▒▒▒▒▒▒ ▒▒▒ ▒▒▒▒ ▒▒▒▒ ▒▒▒▒▒ ▒▒▒ ▒▒▒▒ ▒▒▒▒▒▒ ▒▒▒ ▒▒ ▒▒▒▒▒ ▒▒▒▒▒▒ ▒▒▒ ▒▒▒▒ ▒▒▒▒ ▒▒▒▒▒ ▒▒▒ ▒▒▒▒ ▒▒▒▒▒▒ ▒▒▒ ▒▒ ▒▒▒▒▒ ▒▒▒▒▒▒ ▒▒▒ ▒▒▒▒ ▒▒▒▒ ▒▒▒▒▒ ▒▒▒ ▒▒▒▒ ▒▒▒▒▒▒ ▒▒▒ ▒▒ ▒▒▒▒▒ ▒▒▒▒▒▒ ▒▒▒ ▒▒▒▒ ▒▒▒▒ ▒▒▒▒▒ ▒▒▒ ▒▒▒▒ ▒▒▒▒▒▒ ▒▒▒ ▒▒ ▒▒▒▒▒ ▒▒▒▒▒▒ ▒▒▒ ▒▒▒▒ ▒▒▒▒ ▒▒▒▒▒ ▒▒▒ ▒▒▒▒ ▒▒▒▒▒▒ ▒▒▒ ▒▒ ▒▒▒▒▒ ▒▒▒▒▒▒ ▒▒▒ ▒▒▒▒ ▒▒▒▒ ▒▒▒▒▒ ▒▒▒ ▒▒▒▒ ▒▒▒▒▒▒ ▒▒▒ ▒▒ ▒▒▒▒▒ ▒▒▒▒▒▒ ▒▒▒ ▒▒▒▒ ▒▒▒▒ ▒▒▒▒▒ ▒▒▒ ▒▒▒▒ ▒▒▒▒▒▒ ▒▒▒ ▒▒ ▒▒▒▒▒ ▒▒▒▒▒▒ ▒▒▒ ▒▒▒▒ ▒▒▒▒ ▒▒▒▒▒ ▒▒▒ ▒▒▒▒ ▒▒▒▒▒▒ ▒▒▒ ▒▒ ▒▒▒▒▒ ▒▒▒▒▒▒
ಇಂದಿನಿಂದ 5 ದಿನ ಮಳೆ ಸಾಧ್ಯತೆ
▒▒▒ ▒▒▒▒ ▒▒▒▒▒ ▒▒▒ ▒▒▒▒ ▒▒▒▒▒▒ ▒▒▒ ▒▒ ▒▒▒▒▒ ▒▒▒▒▒▒ ▒▒▒ ▒▒▒▒ ▒▒▒▒ ▒▒▒▒▒ ▒▒▒ ▒▒▒▒ ▒▒▒▒▒▒ ▒▒▒ ▒▒ ▒▒▒▒▒ ▒▒▒▒▒▒ ▒▒▒ ▒▒▒▒ ▒▒▒▒ ▒▒▒▒▒ ▒▒▒ ▒▒▒▒ ▒▒▒▒▒▒ ▒▒▒ ▒▒ ▒▒▒▒▒ ▒▒▒▒▒▒ ▒▒▒ ▒▒▒▒ ▒▒▒▒ ▒▒▒▒▒ ▒▒▒ ▒▒▒▒ ▒▒▒▒▒▒ ▒▒▒ ▒▒ ▒▒▒▒▒ ▒▒▒▒▒▒ ▒▒▒ ▒▒▒▒ ▒▒▒▒ ▒▒▒▒▒ ▒▒▒ ▒▒▒▒ ▒▒▒▒▒▒ ▒▒▒ ▒▒ ▒▒▒▒▒ ▒▒▒▒▒▒
▒▒▒ ▒▒▒▒ ▒▒▒▒▒ ▒▒▒ ▒▒▒▒ ▒▒▒▒▒▒ ▒▒▒ ▒▒ ▒▒▒▒▒ ▒▒▒▒▒▒ ▒▒▒ ▒▒▒▒ ▒▒▒▒ ▒▒▒▒▒ ▒▒▒ ▒▒▒▒ ▒▒▒▒▒▒ ▒▒▒ ▒▒ ▒▒▒▒▒ ▒▒▒▒▒▒ ▒▒▒ ▒▒▒▒ ▒▒▒▒ ▒▒▒▒▒ ▒▒▒ ▒▒▒▒ ▒▒▒▒▒▒ ▒▒▒ ▒▒ ▒▒▒▒▒ ▒▒▒▒▒▒ ▒▒▒ ▒▒▒▒ ▒▒▒▒ ▒▒▒▒▒ ▒▒▒ ▒▒▒▒ ▒▒▒▒▒▒ ▒▒▒ ▒▒ ▒▒▒▒▒ ▒▒▒▒▒▒ ▒▒▒ ▒▒▒▒ ▒▒▒▒ ▒▒▒▒▒ ▒▒▒ ▒▒▒▒ ▒▒▒▒▒▒ ▒▒▒ ▒▒ ▒▒▒▒▒ ▒▒▒▒▒▒
ದಲಿತರ ಹಿತಕಾಯಲು ಚುನಾವಣೆಗೆ ಸ್ಪರ್ಧೆ
▒▒▒ ▒▒▒▒ ▒▒▒▒▒ ▒▒▒ ▒▒▒▒ ▒▒▒▒▒▒ ▒▒▒ ▒▒ ▒▒▒▒▒ ▒▒▒▒▒▒ ▒▒▒ ▒▒▒▒ ▒▒▒▒ ▒▒▒▒▒ ▒▒▒ ▒▒▒▒ ▒▒▒▒▒▒ ▒▒▒ ▒▒ ▒▒▒▒▒ ▒▒▒▒▒▒ ▒▒▒ ▒▒▒▒ ▒▒▒▒ ▒▒▒▒▒ ▒▒▒ ▒▒▒▒ ▒▒▒▒▒▒ ▒▒▒ ▒▒ ▒▒▒▒▒ ▒▒▒▒▒▒ ▒▒▒ ▒▒▒▒ ▒▒▒▒ ▒▒▒▒▒ ▒▒▒ ▒▒▒▒ ▒▒▒▒▒▒ ▒▒▒ ▒▒ ▒▒▒▒▒ ▒▒▒▒▒▒ ▒▒▒ ▒▒▒▒ ▒▒▒▒ ▒▒▒▒▒ ▒▒▒ ▒▒▒▒ ▒▒▒▒▒▒ ▒▒▒ ▒▒ ▒▒▒▒▒ ▒▒▒▒▒▒ ▒▒▒ ▒▒▒▒ ▒▒▒▒ ▒▒▒▒▒ ▒▒▒ ▒▒▒▒ ▒▒▒▒▒▒ ▒▒▒ ▒▒ ▒▒▒▒▒ ▒▒▒▒▒▒ ▒▒▒ ▒▒▒▒ ▒▒▒▒ ▒▒▒▒▒ ▒▒▒ ▒▒▒▒ ▒▒▒▒▒▒ ▒▒▒ ▒▒ ▒▒▒▒▒ ▒▒▒▒▒▒ ▒▒▒ ▒▒▒▒ ▒▒▒▒ ▒▒▒▒▒ ▒▒▒ ▒▒▒▒ ▒▒▒▒▒▒ ▒▒▒ ▒▒ ▒▒▒▒▒ ▒▒▒▒▒▒
